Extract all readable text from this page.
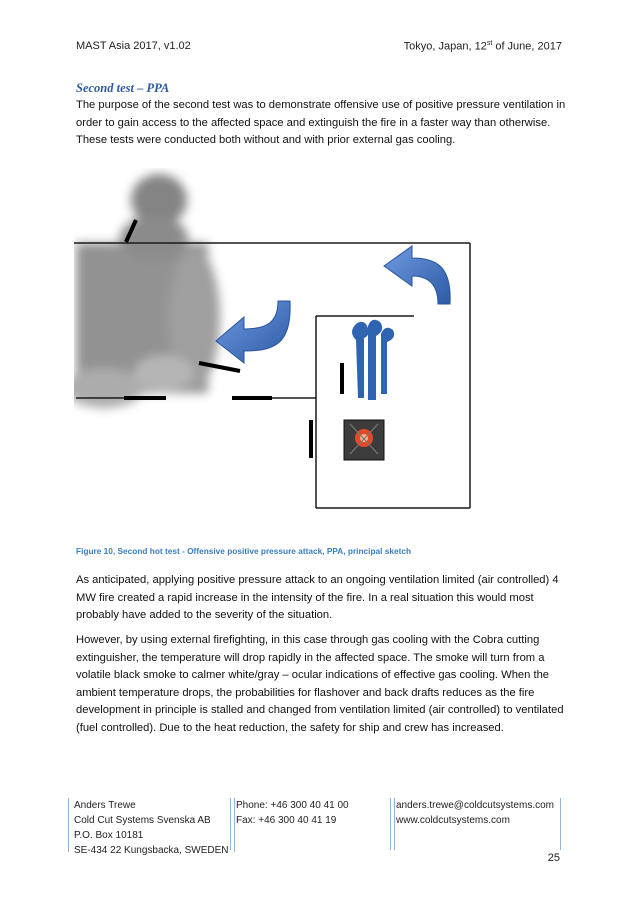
MAST Asia 2017, v1.02	Tokyo, Japan, 12st of June, 2017
Second test – PPA

The purpose of the second test was to demonstrate offensive use of positive pressure ventilation in

order to gain access to the affected space and extinguish the fire in a faster way than otherwise.

These tests were conducted both without and with prior external gas cooling.

Figure 10, Second hot test - Offensive positive pressure attack, PPA, principal sketch

As anticipated, applying positive pressure attack to an ongoing ventilation limited (air controlled) 4

MW fire created a rapid increase in the intensity of the fire. In a real situation this would most

probably have added to the severity of the situation.

However, by using external firefighting, in this case through gas cooling with the Cobra cutting

extinguisher, the temperature will drop rapidly in the affected space. The smoke will turn from a

volatile black smoke to calmer white/gray – ocular indications of effective gas cooling. When the

ambient temperature drops, the probabilities for flashover and back drafts reduces as the fire

development in principle is stalled and changed from ventilation limited (air controlled) to ventilated

(fuel controlled). Due to the heat reduction, the safety for ship and crew has increased.

Anders Trewe
Cold Cut Systems Svenska AB
P.O. Box 10181
SE-434 22 Kungsbacka, SWEDEN
Phone: +46 300 40 41 00
Fax: +46 300 40 41 19
anders.trewe@coldcutsystems.com
www.coldcutsystems.com
25
